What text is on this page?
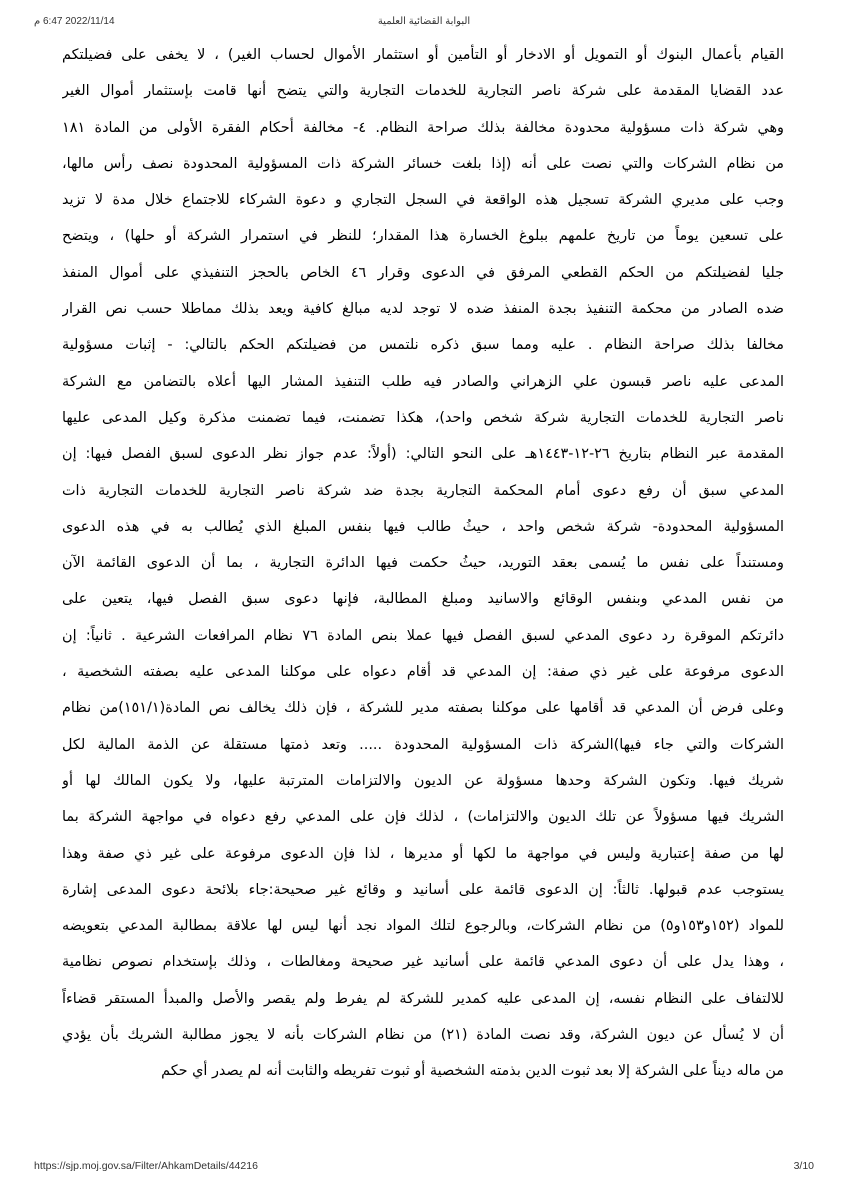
2022/11/14 6:47 م	البوابة القضائية العلمية
القيام بأعمال البنوك أو التمويل أو الادخار أو التأمين أو استثمار الأموال لحساب الغير) ، لا يخفى على فضيلتكم
عدد القضايا المقدمة على شركة ناصر التجارية للخدمات التجارية والتي يتضح أنها قامت بإستثمار أموال الغير
وهي شركة ذات مسؤولية محدودة مخالفة بذلك صراحة النظام. ٤- مخالفة أحكام الفقرة الأولى من المادة ١٨١
من نظام الشركات والتي نصت على أنه (إذا بلغت خسائر الشركة ذات المسؤولية المحدودة نصف رأس مالها،
وجب على مديري الشركة تسجيل هذه الواقعة في السجل التجاري و دعوة الشركاء للاجتماع خلال مدة لا تزيد
على تسعين يوماً من تاريخ علمهم ببلوغ الخسارة هذا المقدار؛ للنظر في استمرار الشركة أو حلها) ، ويتضح
جليا لفضيلتكم من الحكم القطعي المرفق في الدعوى وقرار ٤٦ الخاص بالحجز التنفيذي على أموال المنفذ
ضده الصادر من محكمة التنفيذ بجدة المنفذ ضده لا توجد لديه مبالغ كافية ويعد بذلك مماطلا حسب نص القرار
مخالفا بذلك صراحة النظام . عليه ومما سبق ذكره نلتمس من فضيلتكم الحكم بالتالي: - إثبات مسؤولية
المدعى عليه ناصر قبسون علي الزهراني والصادر فيه طلب التنفيذ المشار اليها أعلاه بالتضامن مع الشركة
ناصر التجارية للخدمات التجارية شركة شخص واحد)، هكذا تضمنت، فيما تضمنت مذكرة وكيل المدعى عليها
المقدمة عبر النظام بتاريخ ٢٦-١٢-١٤٤٣هـ على النحو التالي: (أولاً: عدم جواز نظر الدعوى لسبق الفصل فيها: إن
المدعي سبق أن رفع دعوى أمام المحكمة التجارية بجدة ضد شركة ناصر التجارية للخدمات التجارية ذات
المسؤولية المحدودة- شركة شخص واحد ، حيثُ طالب فيها بنفس المبلغ الذي يُطالب به في هذه الدعوى
ومستنداً على نفس ما يُسمى بعقد التوريد، حيثُ حكمت فيها الدائرة التجارية ، بما أن الدعوى القائمة الآن
من نفس المدعي وبنفس الوقائع والاسانيد ومبلغ المطالبة، فإنها دعوى سبق الفصل فيها، يتعين على
دائرتكم الموقرة رد دعوى المدعي لسبق الفصل فيها عملا بنص المادة ٧٦ نظام المرافعات الشرعية . ثانياً: إن
الدعوى مرفوعة على غير ذي صفة: إن المدعي قد أقام دعواه على موكلنا المدعى عليه بصفته الشخصية ،
وعلى فرض أن المدعي قد أقامها على موكلنا بصفته مدير للشركة ، فإن ذلك يخالف نص المادة(١٥١/١)من نظام
الشركات والتي جاء فيها)الشركة ذات المسؤولية المحدودة ..... وتعد ذمتها مستقلة عن الذمة المالية لكل
شريك فيها. وتكون الشركة وحدها مسؤولة عن الديون والالتزامات المترتبة عليها، ولا يكون المالك لها أو
الشريك فيها مسؤولاً عن تلك الديون والالتزامات) ، لذلك فإن على المدعي رفع دعواه في مواجهة الشركة بما
لها من صفة إعتبارية وليس في مواجهة ما لكها أو مديرها ، لذا فإن الدعوى مرفوعة على غير ذي صفة وهذا
يستوجب عدم قبولها. ثالثاً: إن الدعوى قائمة على أسانيد و وقائع غير صحيحة:جاء بلائحة دعوى المدعى إشارة
للمواد (١٥٢و١٥٣و٥) من نظام الشركات، وبالرجوع لتلك المواد نجد أنها ليس لها علاقة بمطالبة المدعي بتعويضه
، وهذا يدل على أن دعوى المدعي قائمة على أسانيد غير صحيحة ومغالطات ، وذلك بإستخدام نصوص نظامية
للالتفاف على النظام نفسه، إن المدعى عليه كمدير للشركة لم يفرط ولم يقصر والأصل والمبدأ المستقر قضاءاً
أن لا يُسأل عن ديون الشركة، وقد نصت المادة (٢١) من نظام الشركات بأنه لا يجوز مطالبة الشريك بأن يؤدي
من ماله ديناً على الشركة إلا بعد ثبوت الدين بذمته الشخصية أو ثبوت تفريطه والثابت أنه لم يصدر أي حكم
https://sjp.moj.gov.sa/Filter/AhkamDetails/44216	3/10
